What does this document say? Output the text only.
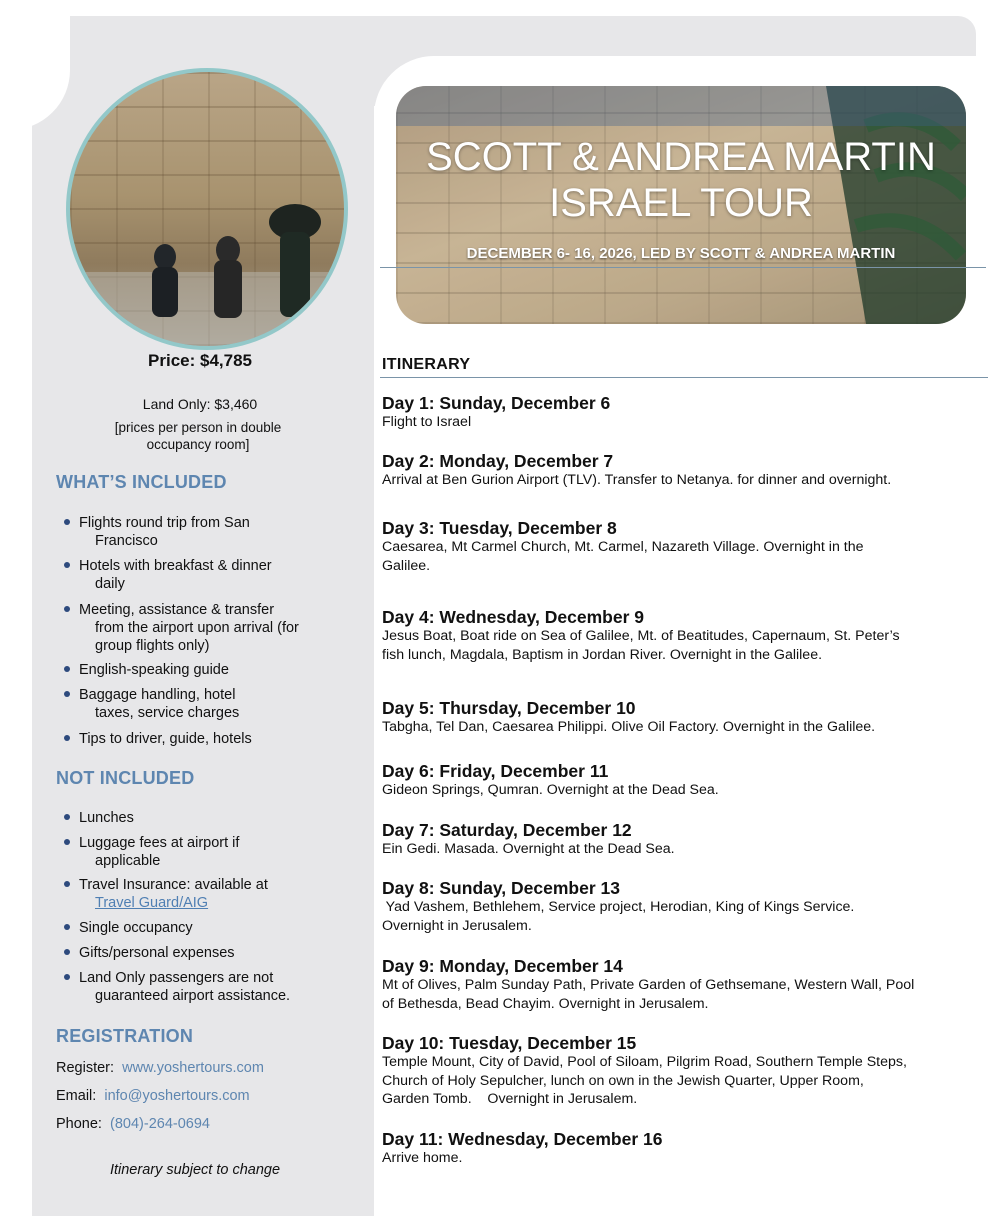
SCOTT & ANDREA MARTIN
ISRAEL TOUR
DECEMBER 6- 16, 2026, LED BY SCOTT & ANDREA MARTIN
Price: $4,785
Land Only: $3,460
[prices per person in double
occupancy room]
WHAT’S INCLUDED
Flights round trip from San
Francisco
Hotels with breakfast & dinner
daily
Meeting, assistance & transfer
from the airport upon arrival (for
group flights only)
English-speaking guide
Baggage handling, hotel
taxes, service charges
Tips to driver, guide, hotels
NOT INCLUDED
Lunches
Luggage fees at airport if
applicable
Travel Insurance: available at
Travel Guard/AIG
Single occupancy
Gifts/personal expenses
Land Only passengers are not
guaranteed airport assistance.
REGISTRATION
Register: www.yoshertours.com
Email: info@yoshertours.com
Phone: (804)-264-0694
Itinerary subject to change
ITINERARY
Day 1: Sunday, December 6
Flight to Israel
Day 2: Monday, December 7
Arrival at Ben Gurion Airport (TLV). Transfer to Netanya. for dinner and overnight.
Day 3: Tuesday, December 8
Caesarea, Mt Carmel Church, Mt. Carmel, Nazareth Village. Overnight in the
Galilee.
Day 4: Wednesday, December 9
Jesus Boat, Boat ride on Sea of Galilee, Mt. of Beatitudes, Capernaum, St. Peter’s
fish lunch, Magdala, Baptism in Jordan River. Overnight in the Galilee.
Day 5: Thursday, December 10
Tabgha, Tel Dan, Caesarea Philippi. Olive Oil Factory. Overnight in the Galilee.
Day 6: Friday, December 11
Gideon Springs, Qumran. Overnight at the Dead Sea.
Day 7: Saturday, December 12
Ein Gedi. Masada. Overnight at the Dead Sea.
Day 8: Sunday, December 13
Yad Vashem, Bethlehem, Service project, Herodian, King of Kings Service.
Overnight in Jerusalem.
Day 9: Monday, December 14
Mt of Olives, Palm Sunday Path, Private Garden of Gethsemane, Western Wall, Pool
of Bethesda, Bead Chayim. Overnight in Jerusalem.
Day 10: Tuesday, December 15
Temple Mount, City of David, Pool of Siloam, Pilgrim Road, Southern Temple Steps,
Church of Holy Sepulcher, lunch on own in the Jewish Quarter, Upper Room,
Garden Tomb.    Overnight in Jerusalem.
Day 11: Wednesday, December 16
Arrive home.
